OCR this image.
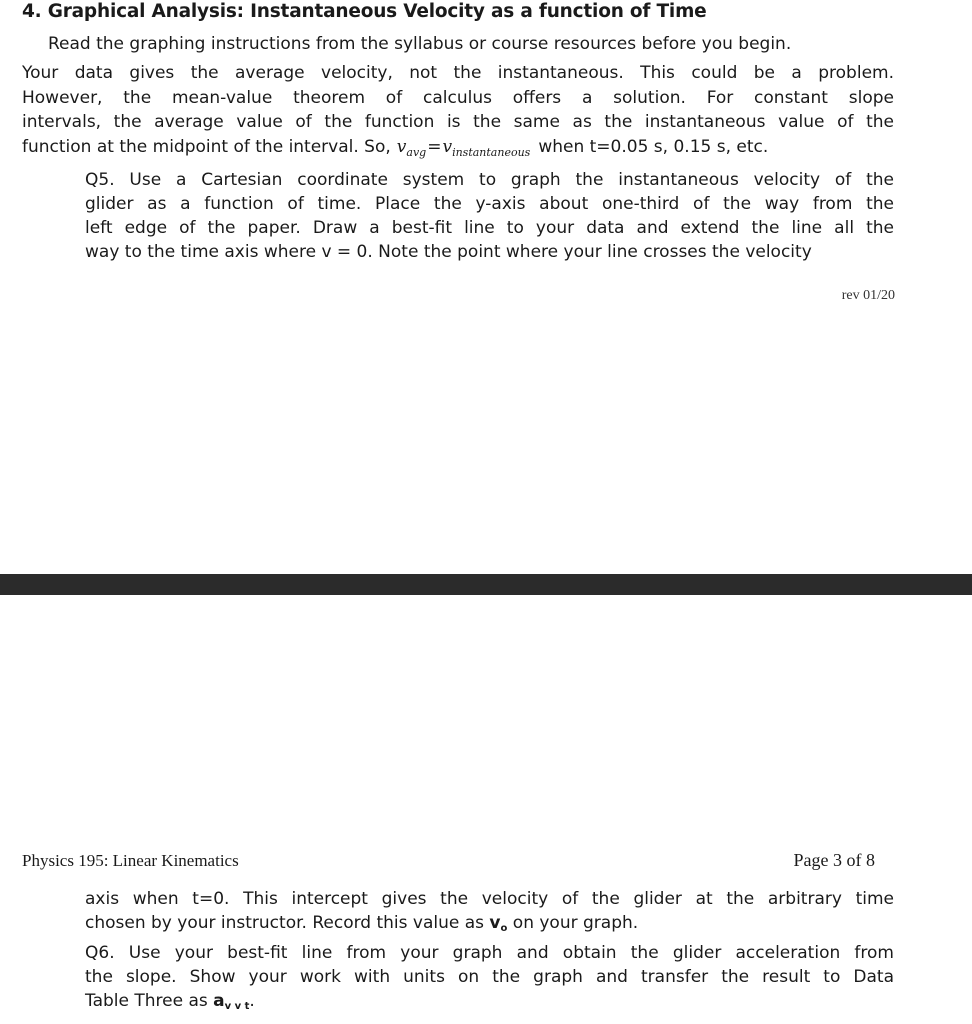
4. Graphical Analysis: Instantaneous Velocity as a function of Time
Read the graphing instructions from the syllabus or course resources before you begin.
Your data gives the average velocity, not the instantaneous. This could be a problem.
However, the mean-value theorem of calculus offers a solution. For constant slope
intervals, the average value of the function is the same as the instantaneous value of the
function at the midpoint of the interval. So, $v_{avg}=v_{instantaneous}$ when t=0.05 s, 0.15 s, etc.
Q5. Use a Cartesian coordinate system to graph the instantaneous velocity of the
glider as a function of time. Place the y-axis about one-third of the way from the
left edge of the paper. Draw a best-fit line to your data and extend the line all the
way to the time axis where v = 0. Note the point where your line crosses the velocity
rev 01/20
Physics 195: Linear Kinematics	Page 3 of 8
axis when t=0. This intercept gives the velocity of the glider at the arbitrary time
chosen by your instructor. Record this value as $v_o$ on your graph.
Q6. Use your best-fit line from your graph and obtain the glider acceleration from
the slope. Show your work with units on the graph and transfer the result to Data
Table Three as $a_{v v t}$.
